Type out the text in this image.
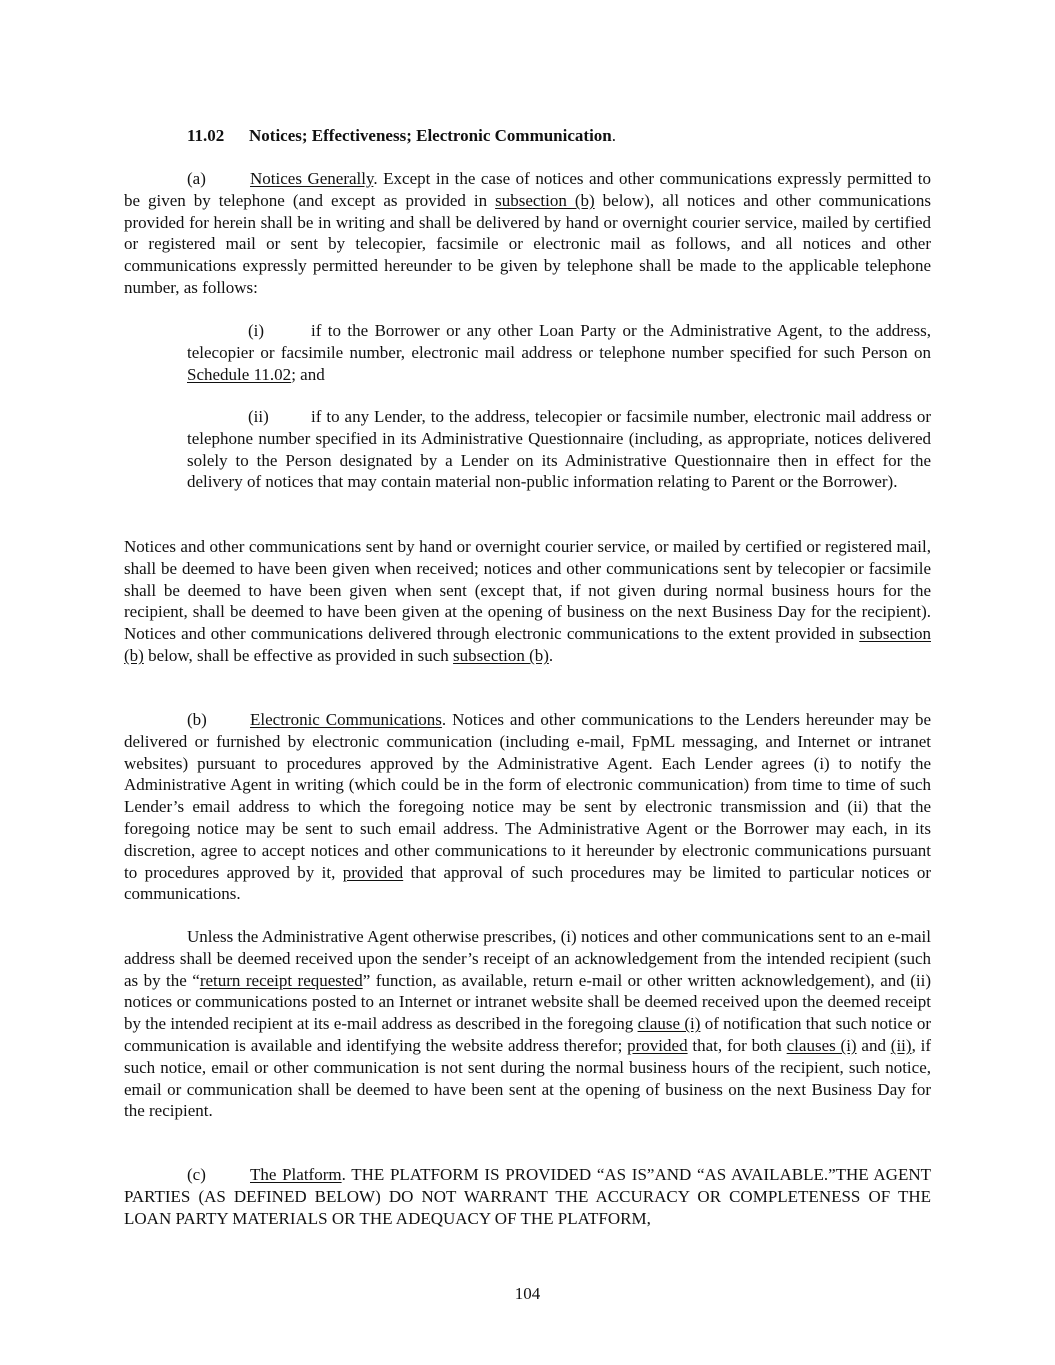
11.02 Notices; Effectiveness; Electronic Communication.
(a)	Notices Generally. Except in the case of notices and other communications expressly permitted to be given by telephone (and except as provided in subsection (b) below), all notices and other communications provided for herein shall be in writing and shall be delivered by hand or overnight courier service, mailed by certified or registered mail or sent by telecopier, facsimile or electronic mail as follows, and all notices and other communications expressly permitted hereunder to be given by telephone shall be made to the applicable telephone number, as follows:
(i)	if to the Borrower or any other Loan Party or the Administrative Agent, to the address, telecopier or facsimile number, electronic mail address or telephone number specified for such Person on Schedule 11.02; and
(ii) if to any Lender, to the address, telecopier or facsimile number, electronic mail address or telephone number specified in its Administrative Questionnaire (including, as appropriate, notices delivered solely to the Person designated by a Lender on its Administrative Questionnaire then in effect for the delivery of notices that may contain material non-public information relating to Parent or the Borrower).
Notices and other communications sent by hand or overnight courier service, or mailed by certified or registered mail, shall be deemed to have been given when received; notices and other communications sent by telecopier or facsimile shall be deemed to have been given when sent (except that, if not given during normal business hours for the recipient, shall be deemed to have been given at the opening of business on the next Business Day for the recipient). Notices and other communications delivered through electronic communications to the extent provided in subsection (b) below, shall be effective as provided in such subsection (b).
(b)	Electronic Communications. Notices and other communications to the Lenders hereunder may be delivered or furnished by electronic communication (including e-mail, FpML messaging, and Internet or intranet websites) pursuant to procedures approved by the Administrative Agent. Each Lender agrees (i) to notify the Administrative Agent in writing (which could be in the form of electronic communication) from time to time of such Lender’s email address to which the foregoing notice may be sent by electronic transmission and (ii) that the foregoing notice may be sent to such email address. The Administrative Agent or the Borrower may each, in its discretion, agree to accept notices and other communications to it hereunder by electronic communications pursuant to procedures approved by it, provided that approval of such procedures may be limited to particular notices or communications.
Unless the Administrative Agent otherwise prescribes, (i) notices and other communications sent to an e-mail address shall be deemed received upon the sender’s receipt of an acknowledgement from the intended recipient (such as by the “return receipt requested” function, as available, return e-mail or other written acknowledgement), and (ii) notices or communications posted to an Internet or intranet website shall be deemed received upon the deemed receipt by the intended recipient at its e-mail address as described in the foregoing clause (i) of notification that such notice or communication is available and identifying the website address therefor; provided that, for both clauses (i) and (ii), if such notice, email or other communication is not sent during the normal business hours of the recipient, such notice, email or communication shall be deemed to have been sent at the opening of business on the next Business Day for the recipient.
(c)	The Platform. THE PLATFORM IS PROVIDED “AS IS”AND “AS AVAILABLE.”THE AGENT PARTIES (AS DEFINED BELOW) DO NOT WARRANT THE ACCURACY OR COMPLETENESS OF THE LOAN PARTY MATERIALS OR THE ADEQUACY OF THE PLATFORM,
104
